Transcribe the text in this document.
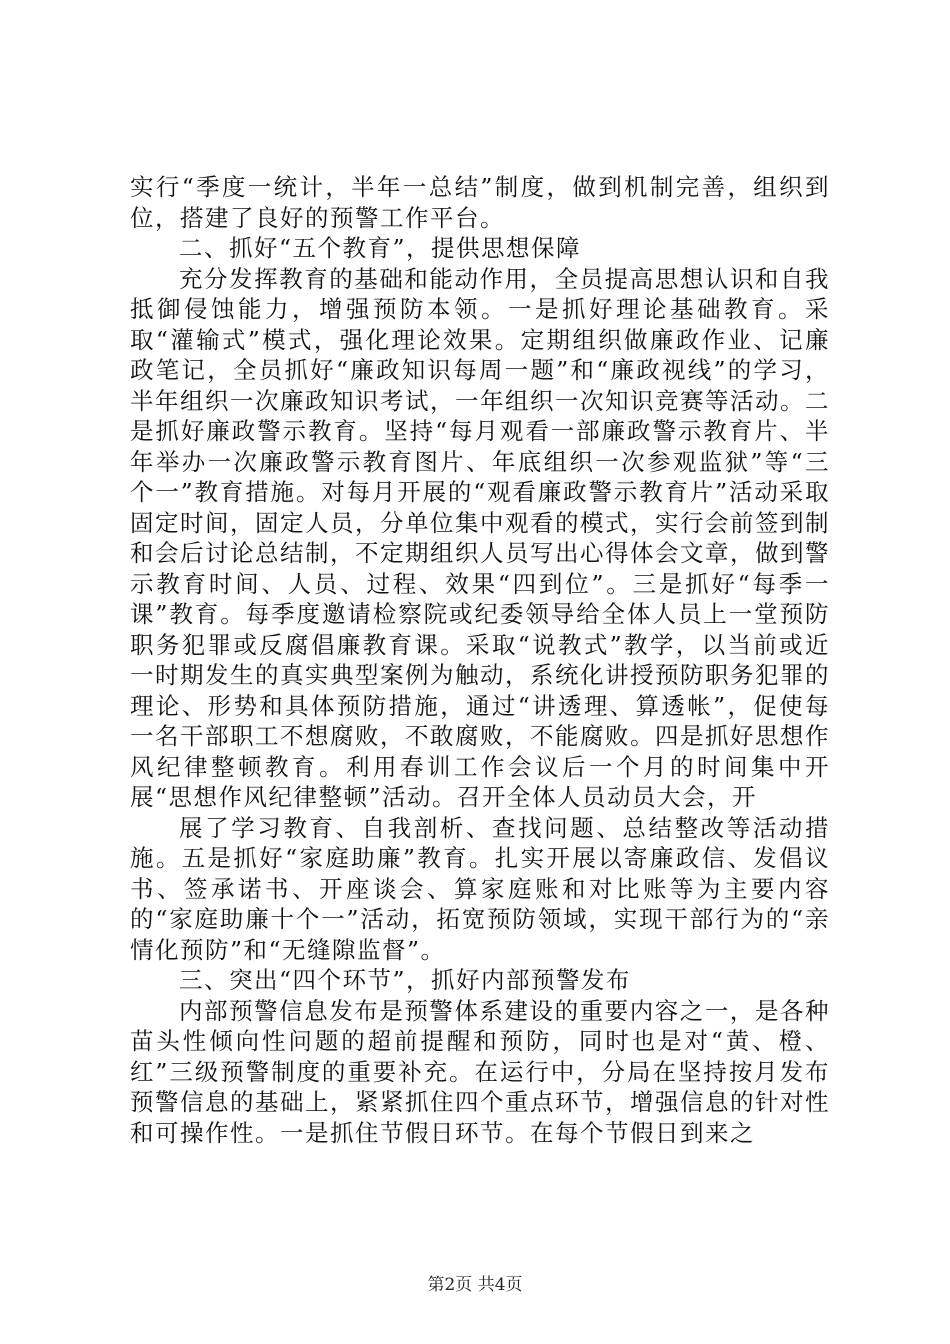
实行“季度一统计，半年一总结”制度，做到机制完善，组织到位，搭建了良好的预警工作平台。

二、抓好“五个教育”，提供思想保障

充分发挥教育的基础和能动作用，全员提高思想认识和自我抵御侵蚀能力，增强预防本领。一是抓好理论基础教育。采取“灌输式”模式，强化理论效果。定期组织做廉政作业、记廉政笔记，全员抓好“廉政知识每周一题”和“廉政视线”的学习，半年组织一次廉政知识考试，一年组织一次知识竞赛等活动。二是抓好廉政警示教育。坚持“每月观看一部廉政警示教育片、半年举办一次廉政警示教育图片、年底组织一次参观监狱”等“三个一”教育措施。对每月开展的“观看廉政警示教育片”活动采取固定时间，固定人员，分单位集中观看的模式，实行会前签到制和会后讨论总结制，不定期组织人员写出心得体会文章，做到警示教育时间、人员、过程、效果“四到位”。三是抓好“每季一课”教育。每季度邀请检察院或纪委领导给全体人员上一堂预防职务犯罪或反腐倡廉教育课。采取“说教式”教学，以当前或近一时期发生的真实典型案例为触动，系统化讲授预防职务犯罪的理论、形势和具体预防措施，通过“讲透理、算透帐”，促使每一名干部职工不想腐败，不敢腐败，不能腐败。四是抓好思想作风纪律整顿教育。利用春训工作会议后一个月的时间集中开展“思想作风纪律整顿”活动。召开全体人员动员大会，开

展了学习教育、自我剖析、查找问题、总结整改等活动措施。五是抓好“家庭助廉”教育。扎实开展以寄廉政信、发倡议书、签承诺书、开座谈会、算家庭账和对比账等为主要内容的“家庭助廉十个一”活动，拓宽预防领域，实现干部行为的“亲情化预防”和“无缝隙监督”。

三、突出“四个环节”，抓好内部预警发布

内部预警信息发布是预警体系建设的重要内容之一，是各种苗头性倾向性问题的超前提醒和预防，同时也是对“黄、橙、红”三级预警制度的重要补充。在运行中，分局在坚持按月发布预警信息的基础上，紧紧抓住四个重点环节，增强信息的针对性和可操作性。一是抓住节假日环节。在每个节假日到来之

第2页 共4页
